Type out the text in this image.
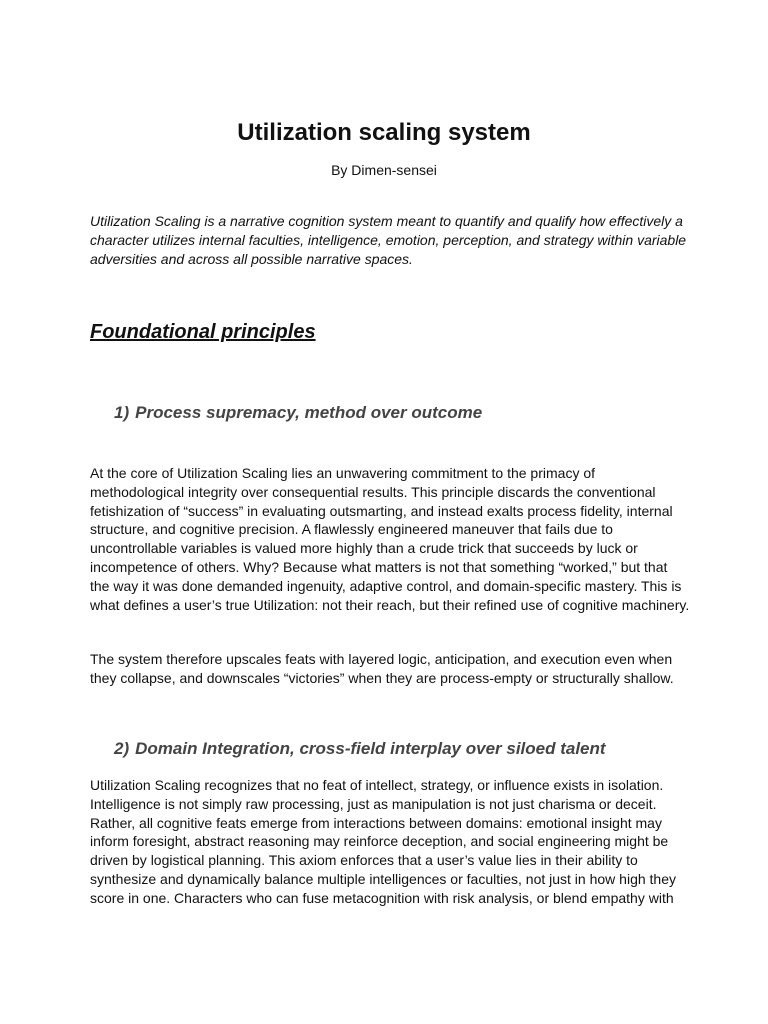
Utilization scaling system

By Dimen-sensei

Utilization Scaling is a narrative cognition system meant to quantify and qualify how effectively a character utilizes internal faculties, intelligence, emotion, perception, and strategy within variable adversities and across all possible narrative spaces.

Foundational principles
1) Process supremacy, method over outcome

At the core of Utilization Scaling lies an unwavering commitment to the primacy of methodological integrity over consequential results. This principle discards the conventional fetishization of “success” in evaluating outsmarting, and instead exalts process fidelity, internal structure, and cognitive precision. A flawlessly engineered maneuver that fails due to uncontrollable variables is valued more highly than a crude trick that succeeds by luck or incompetence of others. Why? Because what matters is not that something “worked,” but that the way it was done demanded ingenuity, adaptive control, and domain-specific mastery. This is what defines a user’s true Utilization: not their reach, but their refined use of cognitive machinery.

The system therefore upscales feats with layered logic, anticipation, and execution even when they collapse, and downscales “victories” when they are process-empty or structurally shallow.

2) Domain Integration, cross-field interplay over siloed talent

Utilization Scaling recognizes that no feat of intellect, strategy, or influence exists in isolation. Intelligence is not simply raw processing, just as manipulation is not just charisma or deceit. Rather, all cognitive feats emerge from interactions between domains: emotional insight may inform foresight, abstract reasoning may reinforce deception, and social engineering might be driven by logistical planning. This axiom enforces that a user’s value lies in their ability to synthesize and dynamically balance multiple intelligences or faculties, not just in how high they score in one. Characters who can fuse metacognition with risk analysis, or blend empathy with
